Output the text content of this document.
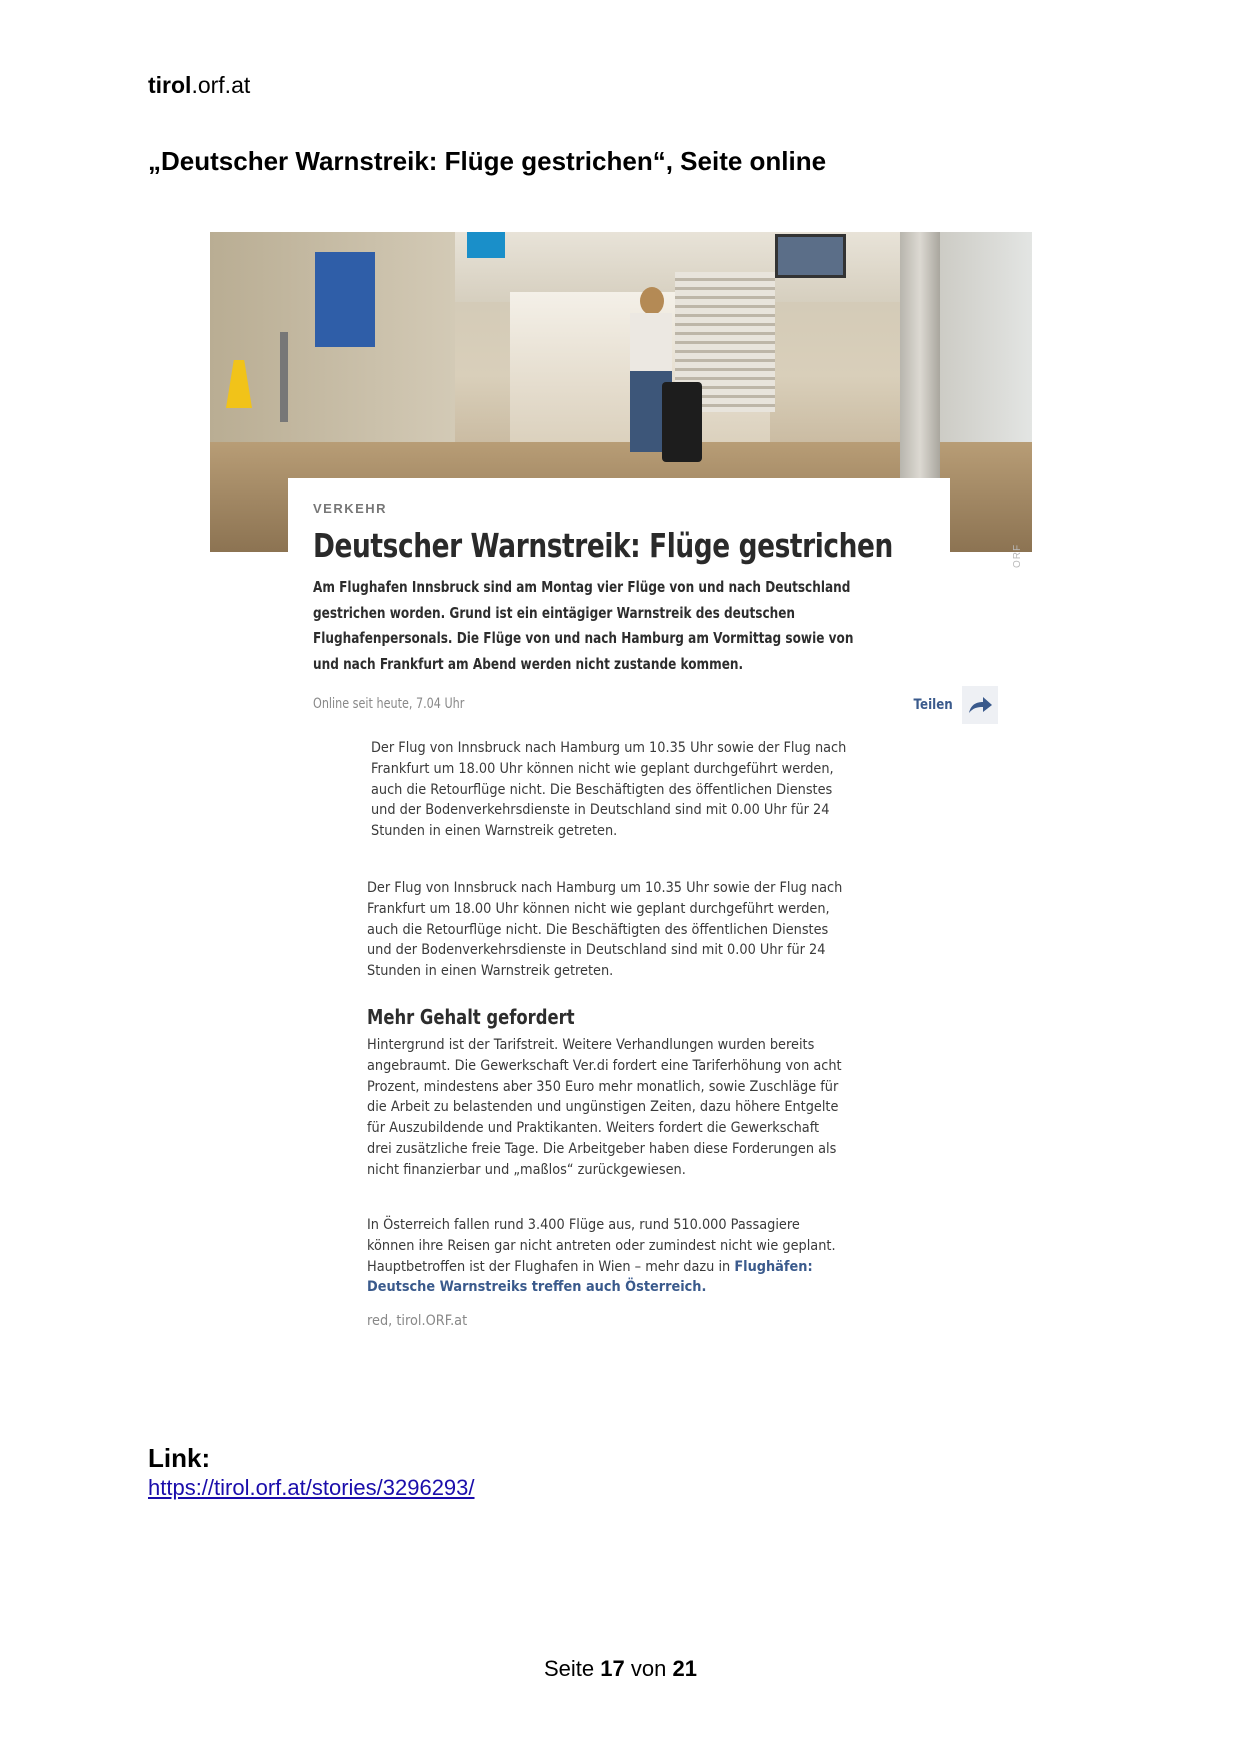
tirol.orf.at
„Deutscher Warnstreik: Flüge gestrichen“, Seite online
ORF
VERKEHR
Deutscher Warnstreik: Flüge gestrichen
Am Flughafen Innsbruck sind am Montag vier Flüge von und nach Deutschland gestrichen worden. Grund ist ein eintägiger Warnstreik des deutschen Flughafenpersonals. Die Flüge von und nach Hamburg am Vormittag sowie von und nach Frankfurt am Abend werden nicht zustande kommen.
Online seit heute, 7.04 Uhr	Teilen
Der Flug von Innsbruck nach Hamburg um 10.35 Uhr sowie der Flug nach Frankfurt um 18.00 Uhr können nicht wie geplant durchgeführt werden, auch die Retourflüge nicht. Die Beschäftigten des öffentlichen Dienstes und der Bodenverkehrsdienste in Deutschland sind mit 0.00 Uhr für 24 Stunden in einen Warnstreik getreten.
Der Flug von Innsbruck nach Hamburg um 10.35 Uhr sowie der Flug nach Frankfurt um 18.00 Uhr können nicht wie geplant durchgeführt werden, auch die Retourflüge nicht. Die Beschäftigten des öffentlichen Dienstes und der Bodenverkehrsdienste in Deutschland sind mit 0.00 Uhr für 24 Stunden in einen Warnstreik getreten.
Mehr Gehalt gefordert
Hintergrund ist der Tarifstreit. Weitere Verhandlungen wurden bereits angebraumt. Die Gewerkschaft Ver.di fordert eine Tariferhöhung von acht Prozent, mindestens aber 350 Euro mehr monatlich, sowie Zuschläge für die Arbeit zu belastenden und ungünstigen Zeiten, dazu höhere Entgelte für Auszubildende und Praktikanten. Weiters fordert die Gewerkschaft drei zusätzliche freie Tage. Die Arbeitgeber haben diese Forderungen als nicht finanzierbar und „maßlos“ zurückgewiesen.
In Österreich fallen rund 3.400 Flüge aus, rund 510.000 Passagiere können ihre Reisen gar nicht antreten oder zumindest nicht wie geplant. Hauptbetroffen ist der Flughafen in Wien – mehr dazu in Flughäfen: Deutsche Warnstreiks treffen auch Österreich.
red, tirol.ORF.at
Link:
https://tirol.orf.at/stories/3296293/
Seite 17 von 21
